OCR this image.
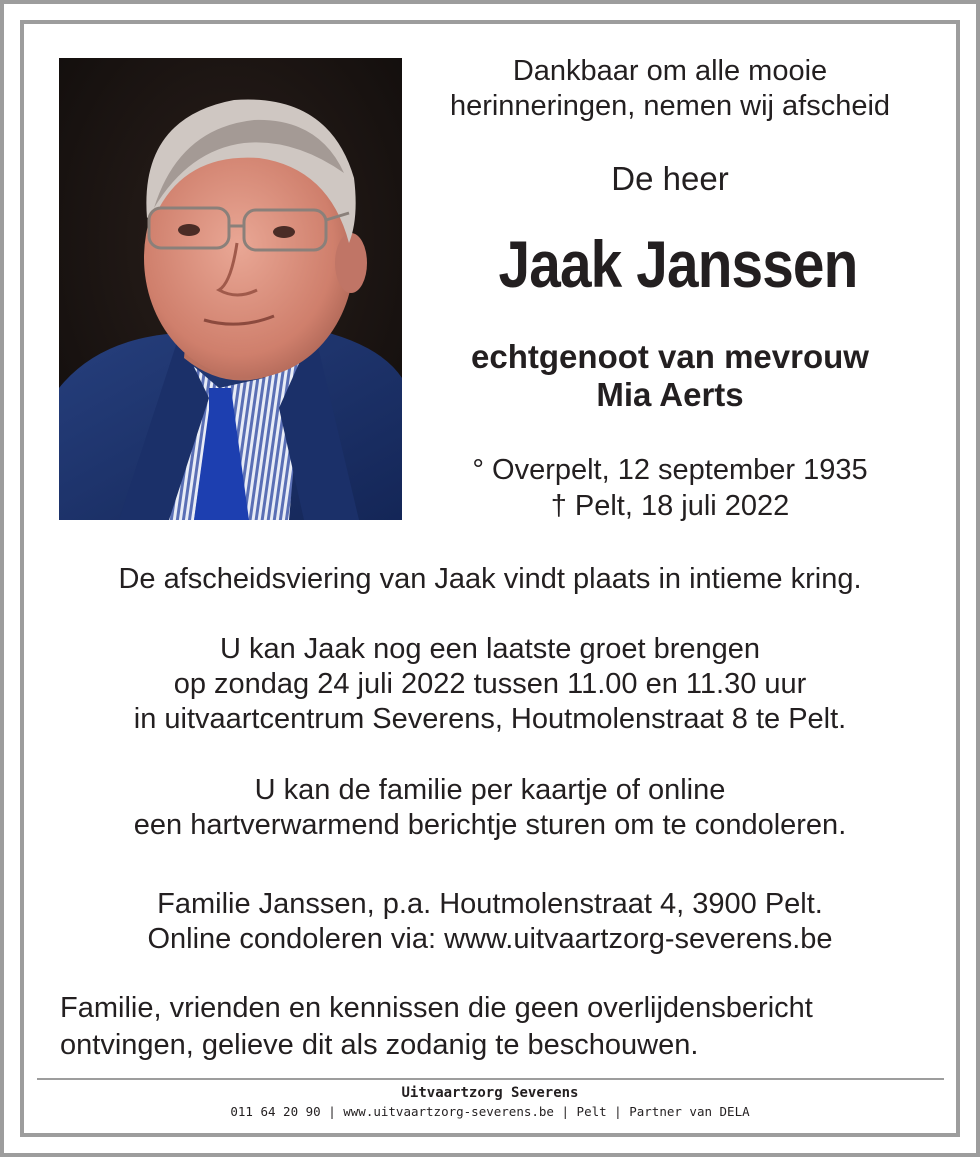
Dankbaar om alle mooie
herinneringen, nemen wij afscheid
De heer
Jaak Janssen
echtgenoot van mevrouw
Mia Aerts
° Overpelt, 12 september 1935
† Pelt, 18 juli 2022
De afscheidsviering van Jaak vindt plaats in intieme kring.
U kan Jaak nog een laatste groet brengen
op zondag 24 juli 2022 tussen 11.00 en 11.30 uur
in uitvaartcentrum Severens, Houtmolenstraat 8 te Pelt.
U kan de familie per kaartje of online
een hartverwarmend berichtje sturen om te condoleren.
Familie Janssen, p.a. Houtmolenstraat 4, 3900 Pelt.
Online condoleren via: www.uitvaartzorg-severens.be
Familie, vrienden en kennissen die geen overlijdensbericht
ontvingen, gelieve dit als zodanig te beschouwen.
Uitvaartzorg Severens
011 64 20 90 | www.uitvaartzorg-severens.be | Pelt | Partner van DELA
